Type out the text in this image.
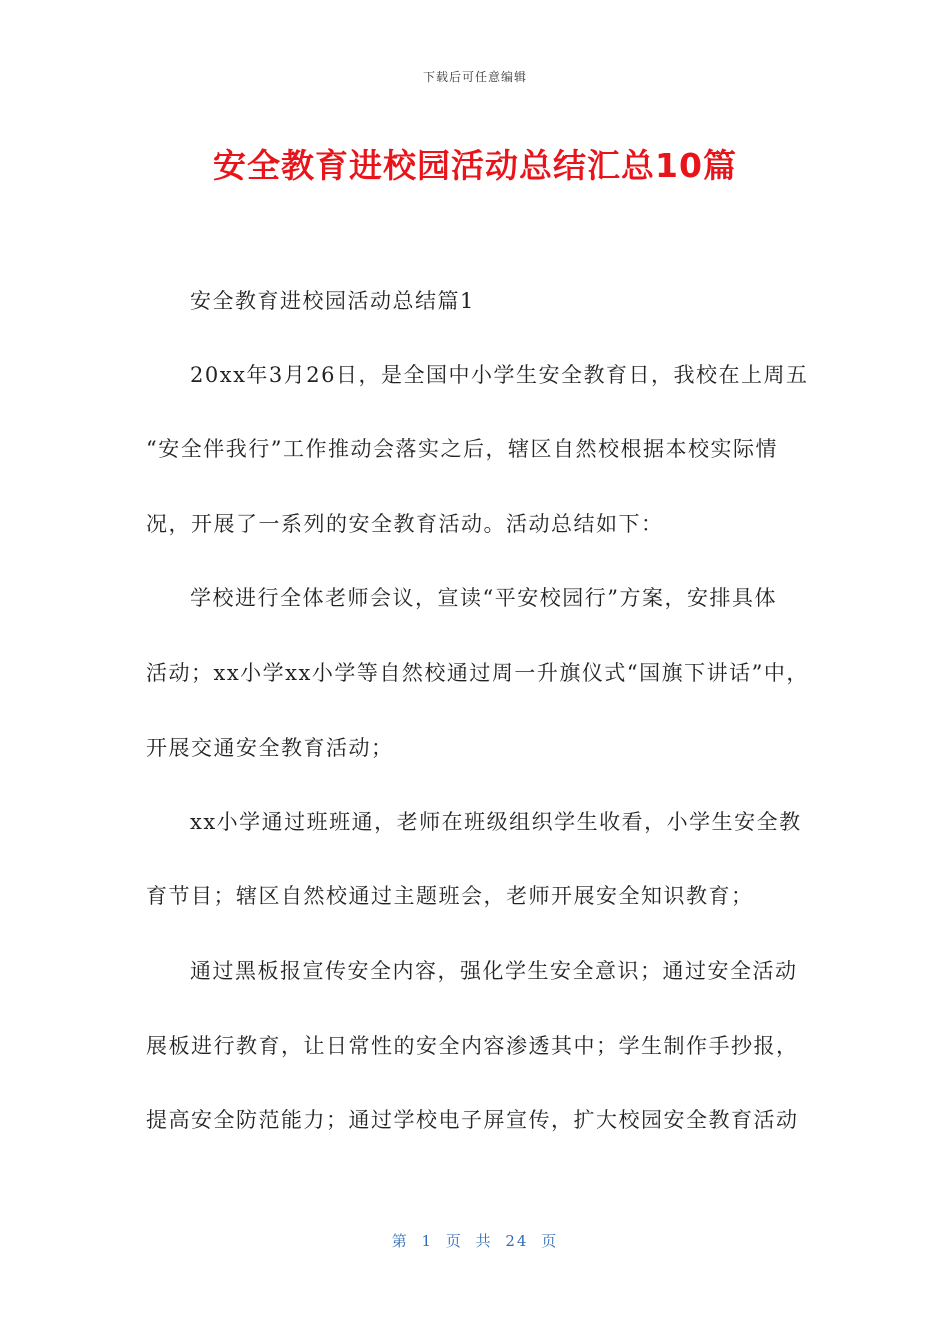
下载后可任意编辑
安全教育进校园活动总结汇总10篇
安全教育进校园活动总结篇1
20xx年3月26日，是全国中小学生安全教育日，我校在上周五
“安全伴我行”工作推动会落实之后，辖区自然校根据本校实际情
况，开展了一系列的安全教育活动。活动总结如下：
学校进行全体老师会议，宣读“平安校园行”方案，安排具体
活动；xx小学xx小学等自然校通过周一升旗仪式“国旗下讲话”中，
开展交通安全教育活动；
xx小学通过班班通，老师在班级组织学生收看，小学生安全教
育节目；辖区自然校通过主题班会，老师开展安全知识教育；
通过黑板报宣传安全内容，强化学生安全意识；通过安全活动
展板进行教育，让日常性的安全内容渗透其中；学生制作手抄报，
提高安全防范能力；通过学校电子屏宣传，扩大校园安全教育活动
第 1 页 共 24 页
